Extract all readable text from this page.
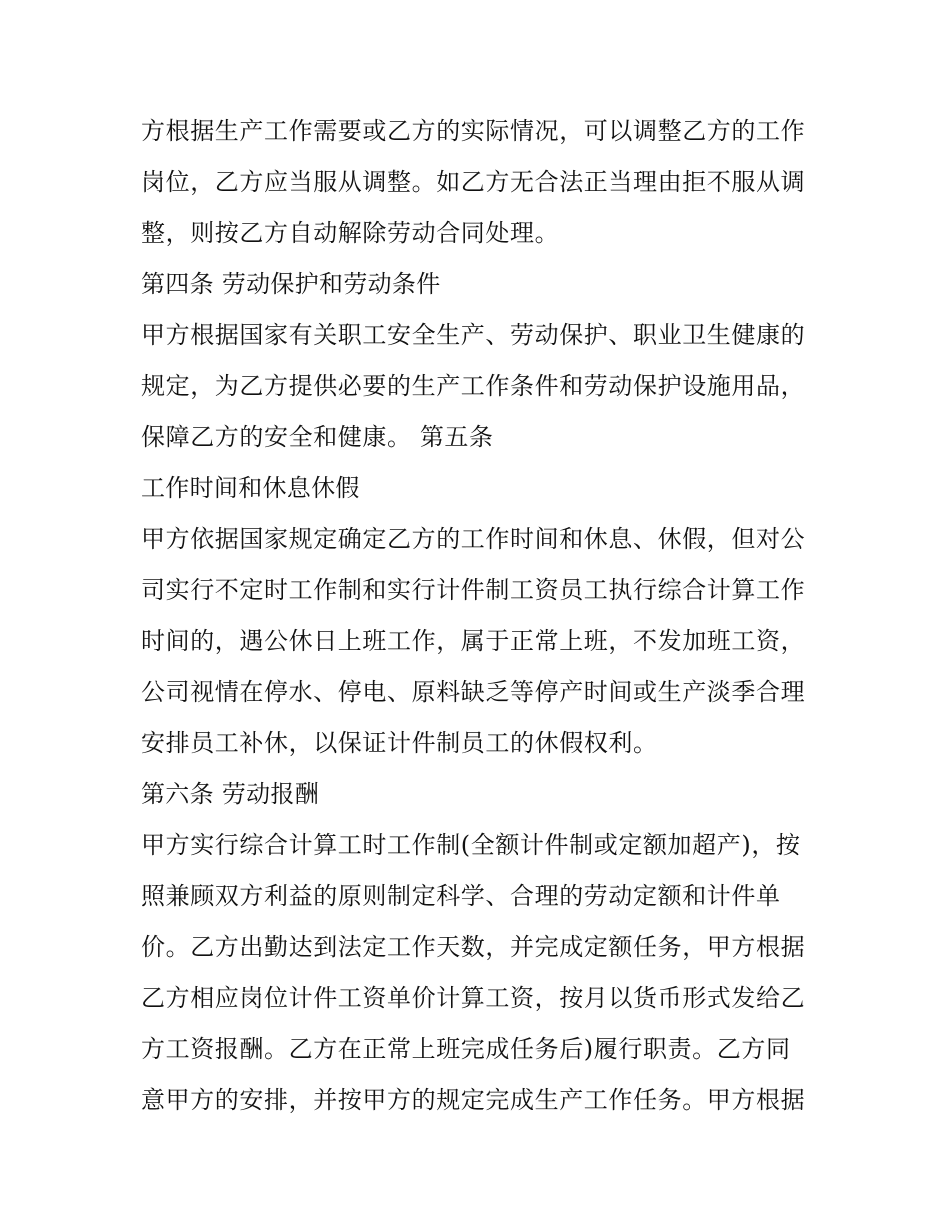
方根据生产工作需要或乙方的实际情况，可以调整乙方的工作
岗位，乙方应当服从调整。如乙方无合法正当理由拒不服从调
整，则按乙方自动解除劳动合同处理。
第四条 劳动保护和劳动条件
甲方根据国家有关职工安全生产、劳动保护、职业卫生健康的
规定，为乙方提供必要的生产工作条件和劳动保护设施用品，
保障乙方的安全和健康。 第五条
工作时间和休息休假
甲方依据国家规定确定乙方的工作时间和休息、休假，但对公
司实行不定时工作制和实行计件制工资员工执行综合计算工作
时间的，遇公休日上班工作，属于正常上班，不发加班工资，
公司视情在停水、停电、原料缺乏等停产时间或生产淡季合理
安排员工补休，以保证计件制员工的休假权利。
第六条 劳动报酬
甲方实行综合计算工时工作制(全额计件制或定额加超产)，按
照兼顾双方利益的原则制定科学、合理的劳动定额和计件单
价。乙方出勤达到法定工作天数，并完成定额任务，甲方根据
乙方相应岗位计件工资单价计算工资，按月以货币形式发给乙
方工资报酬。乙方在正常上班完成任务后)履行职责。乙方同
意甲方的安排，并按甲方的规定完成生产工作任务。甲方根据
